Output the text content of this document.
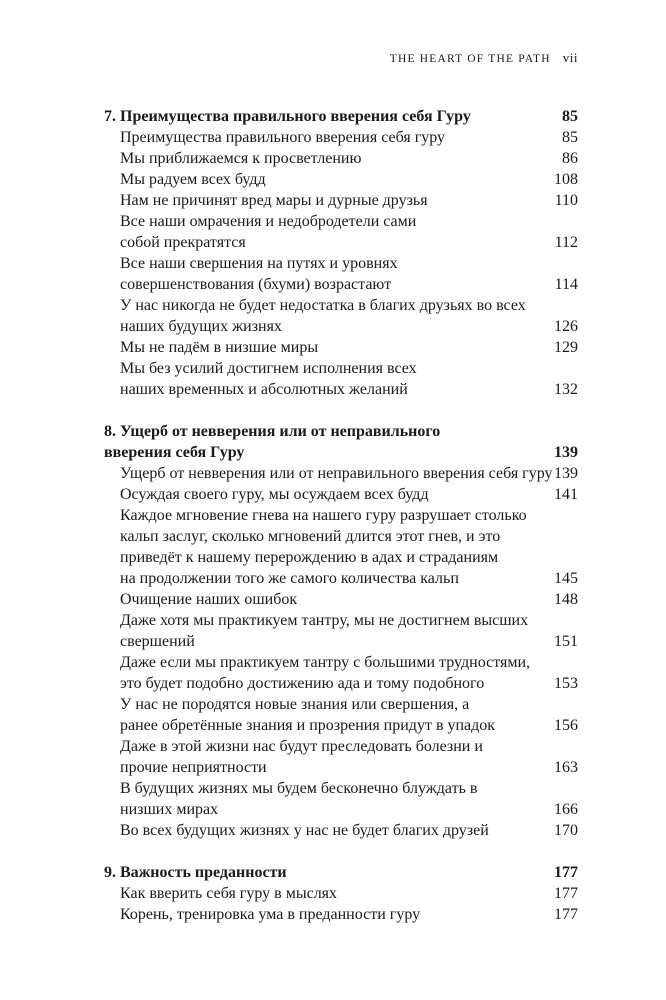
THE HEART OF THE PATH vii
7. Преимущества правильного вверения себя Гуру	85
Преимущества правильного вверения себя гуру	85
Мы приближаемся к просветлению	86
Мы радуем всех будд	108
Нам не причинят вред мары и дурные друзья	110
Все наши омрачения и недобродетели сами
собой прекратятся	112
Все наши свершения на путях и уровнях
совершенствования (бхуми) возрастают	114
У нас никогда не будет недостатка в благих друзьях во всех
наших будущих жизнях	126
Мы не падём в низшие миры	129
Мы без усилий достигнем исполнения всех
наших временных и абсолютных желаний	132
8. Ущерб от невверения или от неправильного
вверения себя Гуру	139
Ущерб от невверения или от неправильного вверения себя гуру 139
Осуждая своего гуру, мы осуждаем всех будд	141
Каждое мгновение гнева на нашего гуру разрушает столько
кальп заслуг, сколько мгновений длится этот гнев, и это
приведёт к нашему перерождению в адах и страданиям
на продолжении того же самого количества кальп	145
Очищение наших ошибок	148
Даже хотя мы практикуем тантру, мы не достигнем высших
свершений	151
Даже если мы практикуем тантру с большими трудностями,
это будет подобно достижению ада и тому подобного	153
У нас не породятся новые знания или свершения, а
ранее обретённые знания и прозрения придут в упадок	156
Даже в этой жизни нас будут преследовать болезни и
прочие неприятности	163
В будущих жизнях мы будем бесконечно блуждать в
низших мирах	166
Во всех будущих жизнях у нас не будет благих друзей	170
9. Важность преданности	177
Как вверить себя гуру в мыслях	177
Корень, тренировка ума в преданности гуру	177
